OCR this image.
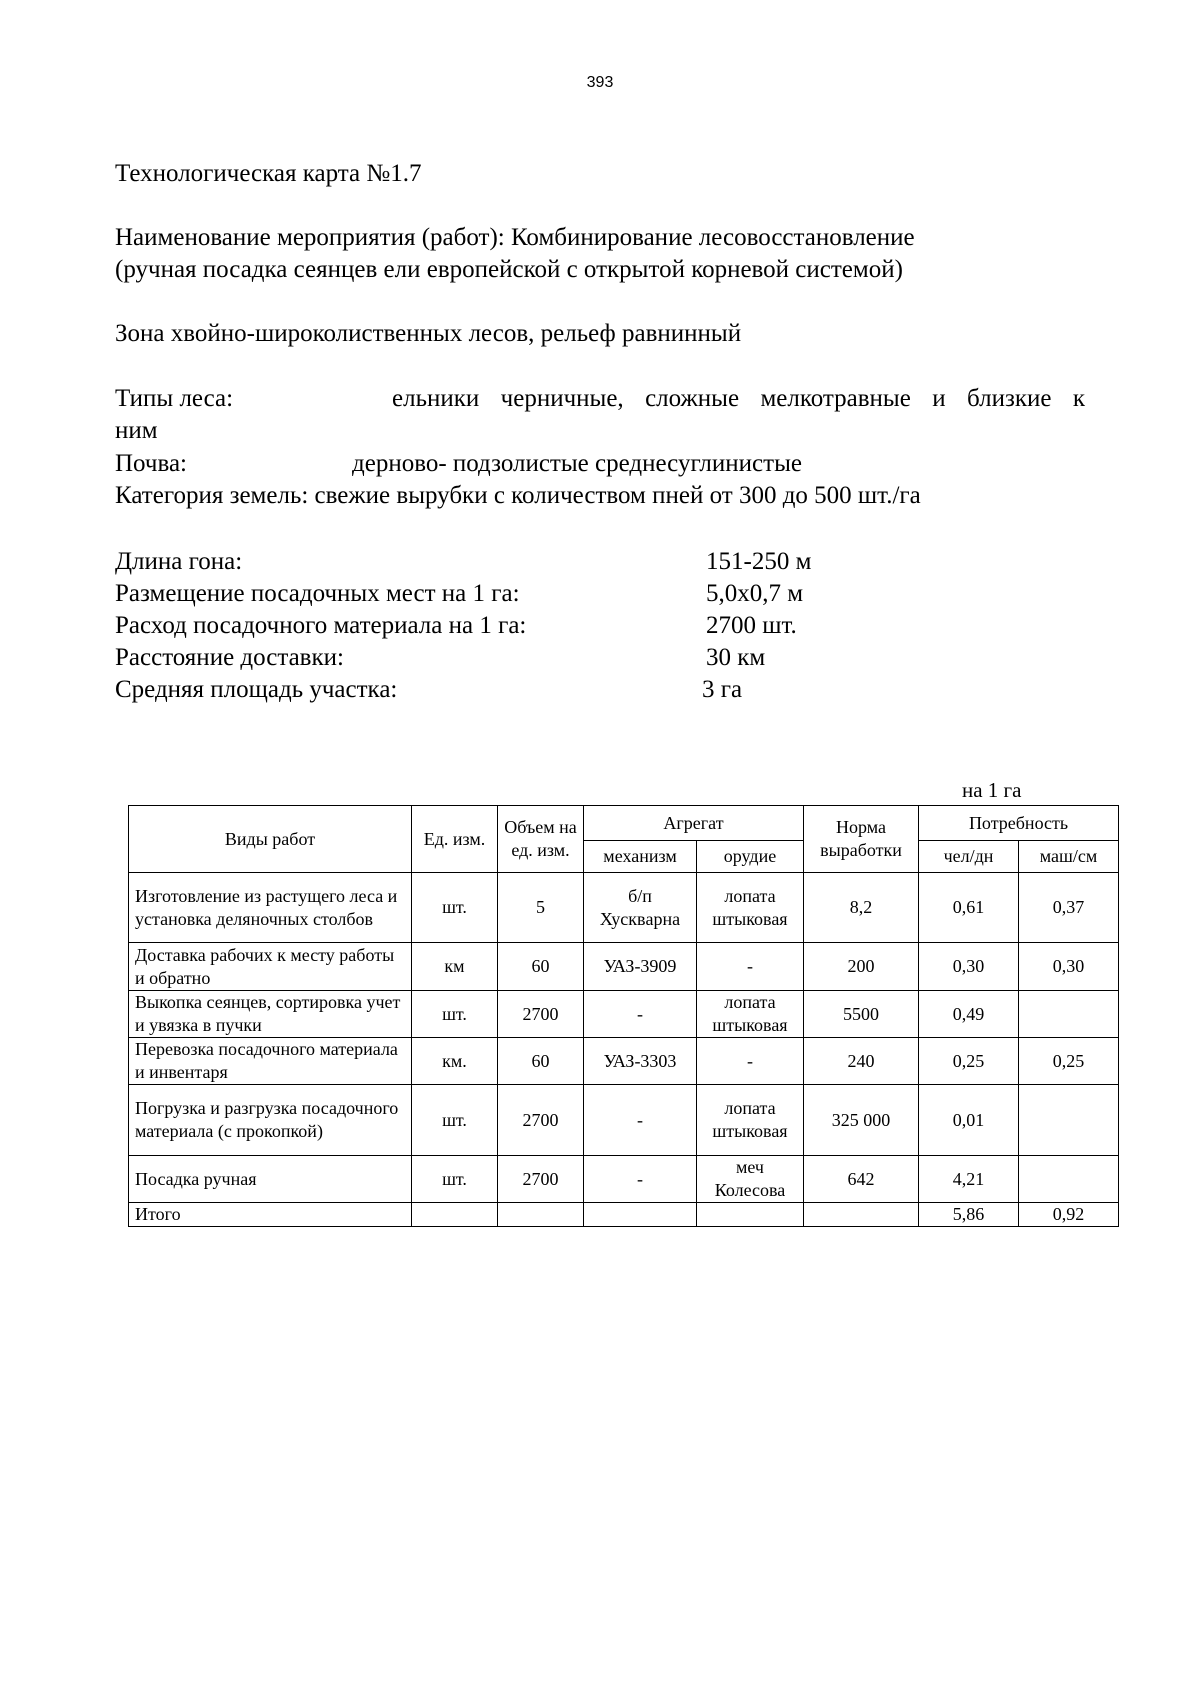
393
Технологическая карта №1.7
Наименование мероприятия (работ): Комбинирование лесовосстановление
(ручная посадка сеянцев ели европейской с открытой корневой системой)
Зона хвойно-широколиственных лесов, рельеф равнинный
Типы леса:	ельники черничные, сложные мелкотравные и близкие к
ним
Почва:	дерново- подзолистые среднесуглинистые
Категория земель: свежие вырубки с количеством пней от 300 до 500 шт./га
Длина гона:	151-250 м
Размещение посадочных мест на 1 га:	5,0х0,7 м
Расход посадочного материала на 1 га:	2700 шт.
Расстояние доставки:	30 км
Средняя площадь участка:	3 га
на 1 га
Виды работ	Ед. изм.	Объем на ед. изм.	Агрегат		Норма выработки	Потребность	
			механизм	орудие		чел/дн	маш/см
Изготовление из растущего леса и установка деляночных столбов	шт.	5	б/п Хусквaрна	лопата штыковая	8,2	0,61	0,37
Доставка рабочих к месту работы и обратно	км	60	УАЗ-3909	-	200	0,30	0,30
Выкопка сеянцев, сортировка учет и увязка в пучки	шт.	2700	-	лопата штыковая	5500	0,49	
Перевозка посадочного материала и инвентаря	км.	60	УАЗ-3303	-	240	0,25	0,25
Погрузка и разгрузка посадочного материала (с прокопкой)	шт.	2700	-	лопата штыковая	325 000	0,01	
Посадка ручная	шт.	2700	-	меч Колесова	642	4,21	
Итого						5,86	0,92
